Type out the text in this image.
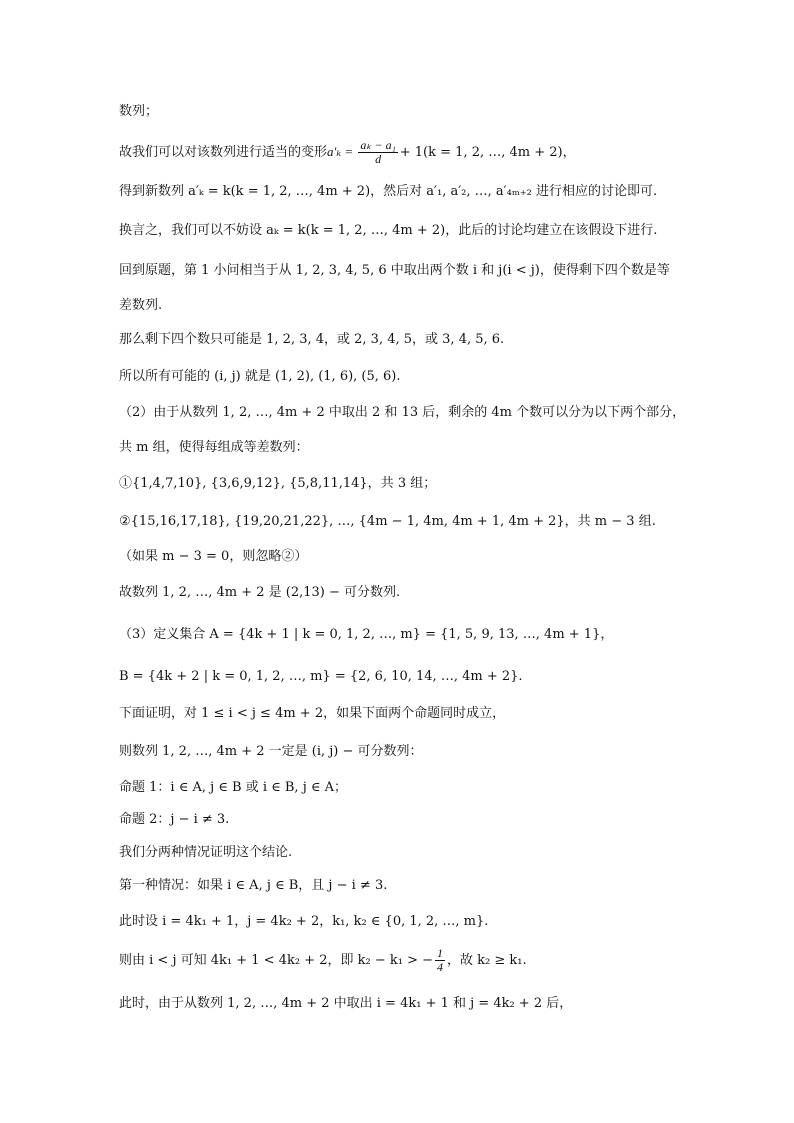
数列；
故我们可以对该数列进行适当的变形$a'_k = \frac{\text{aₖ − a₁}}{d} + 1(k = 1$, 2, …, 4m + 2)，
得到新数列 a′ₖ = k(k = 1, 2, …, 4m + 2)，然后对 a′₁, a′₂, …, a′₄ₘ₊₂ 进行相应的讨论即可.
换言之，我们可以不妨设 aₖ = k(k = 1, 2, …, 4m + 2)，此后的讨论均建立在该假设下进行.
回到原题，第 1 小问相当于从 1, 2, 3, 4, 5, 6 中取出两个数 i 和 j(i < j)，使得剩下四个数是等
差数列.
那么剩下四个数只可能是 1, 2, 3, 4，或 2, 3, 4, 5，或 3, 4, 5, 6.
所以所有可能的 (i, j) 就是 (1, 2), (1, 6), (5, 6).
（2）由于从数列 1, 2, …, 4m + 2 中取出 2 和 13 后，剩余的 4m 个数可以分为以下两个部分，
共 m 组，使得每组成等差数列：
①{1,4,7,10}, {3,6,9,12}, {5,8,11,14}，共 3 组；
②{15,16,17,18}, {19,20,21,22}, …, {4m − 1, 4m, 4m + 1, 4m + 2}，共 m − 3 组.
（如果 m − 3 = 0，则忽略②）
故数列 1, 2, …, 4m + 2 是 (2,13) − 可分数列.
（3）定义集合 A = {4k + 1 | k = 0, 1, 2, …, m} = {1, 5, 9, 13, …, 4m + 1}，
B = {4k + 2 | k = 0, 1, 2, …, m} = {2, 6, 10, 14, …, 4m + 2}.
下面证明，对 1 ≤ i < j ≤ 4m + 2，如果下面两个命题同时成立，
则数列 1, 2, …, 4m + 2 一定是 (i, j) − 可分数列：
命题 1：i ∈ A, j ∈ B 或 i ∈ B, j ∈ A；
命题 2：j − i ≠ 3.
我们分两种情况证明这个结论.
第一种情况：如果 i ∈ A, j ∈ B，且 j − i ≠ 3.
此时设 i = 4k₁ + 1，j = 4k₂ + 2，k₁, k₂ ∈ {0, 1, 2, …, m}.
则由 i < j 可知 4k₁ + 1 < 4k₂ + 2，即 k₂ − k₁ > − $\frac{1}{4}$ ，故 k₂ ≥ k₁.
此时，由于从数列 1, 2, …, 4m + 2 中取出 i = 4k₁ + 1 和 j = 4k₂ + 2 后，
